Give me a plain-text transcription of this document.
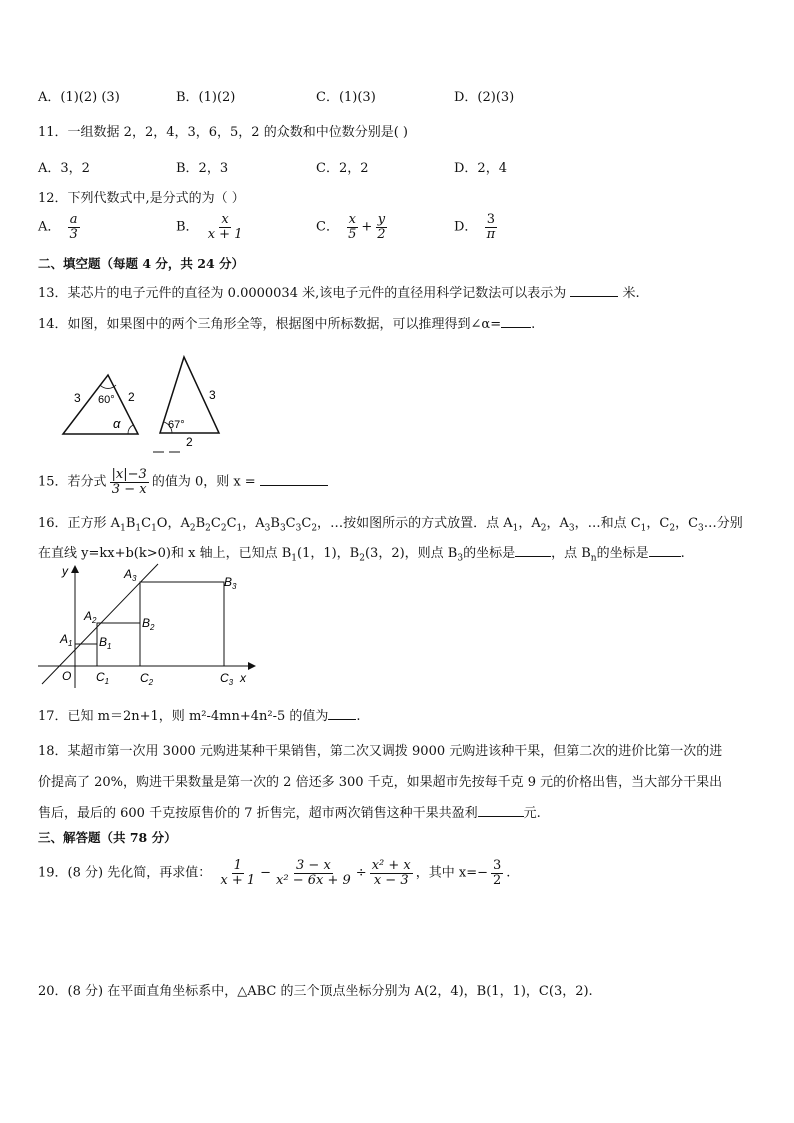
A．(1)(2) (3)	B．(1)(2)	C．(1)(3)	D．(2)(3)
11．一组数据 2，2，4，3，6，5，2 的众数和中位数分别是( )
A．3，2	B．2，3	C．2，2	D．2，4
12．下列代数式中,是分式的为（ ）
A． $\frac{a}{3}$	B． $\frac{x}{x + 1}$	C． $\frac{x}{5} + \frac{y}{2}$	D． $\frac{3}{\pi}$
二、填空题（每题 4 分，共 24 分）
13．某芯片的电子元件的直径为 0.0000034 米,该电子元件的直径用科学记数法可以表示为	米.
14．如图，如果图中的两个三角形全等，根据图中所标数据，可以推理得到∠α= .
3 60° 2
α
3
67°
2
15．若分式 $\frac{|x|-3}{3 - x}$ 的值为 0，则 x =
16．正方形 $A_1B_1C_1O$，$A_2B_2C_2C_1$，$A_3B_3C_3C_2$，…按如图所示的方式放置．点 $A_1$，$A_2$，$A_3$，…和点 $C_1$，$C_2$，$C_3\dots$分别
在直线 y=kx+b(k>0)和 x 轴上，已知点 $B_1(1$，1)，$B_2(3$，2)，则点 $B_3$的坐标是	，点 $B_n$的坐标是 .
y
x
O
$A_1$
$A_2$
$A_3$
$B_1$
$B_2$
$B_3$
$C_1$	$C_2$	$C_3$
17．已知 m＝2n+1，则 m²-4mn+4n²-5 的值为 .
18．某超市第一次用 3000 元购进某种干果销售，第二次又调拨 9000 元购进该种干果，但第二次的进价比第一次的进
价提高了 20%，购进干果数量是第一次的 2 倍还多 300 千克，如果超市先按每千克 9 元的价格出售，当大部分干果出
售后，最后的 600 千克按原售价的 7 折售完，超市两次销售这种干果共盈利	元.
三、解答题（共 78 分）
19．(8 分) 先化简，再求值： $\frac{1}{x + 1} - \frac{3 - x}{\text{x² − 6x + 9}} \div \frac{\text{x² + x}}{x - 3}$ ，其中 $x=- \frac{3}{2}$ .
20．(8 分) 在平面直角坐标系中，△ABC 的三个顶点坐标分别为 A(2，4)，B(1，1)，C(3，2).
